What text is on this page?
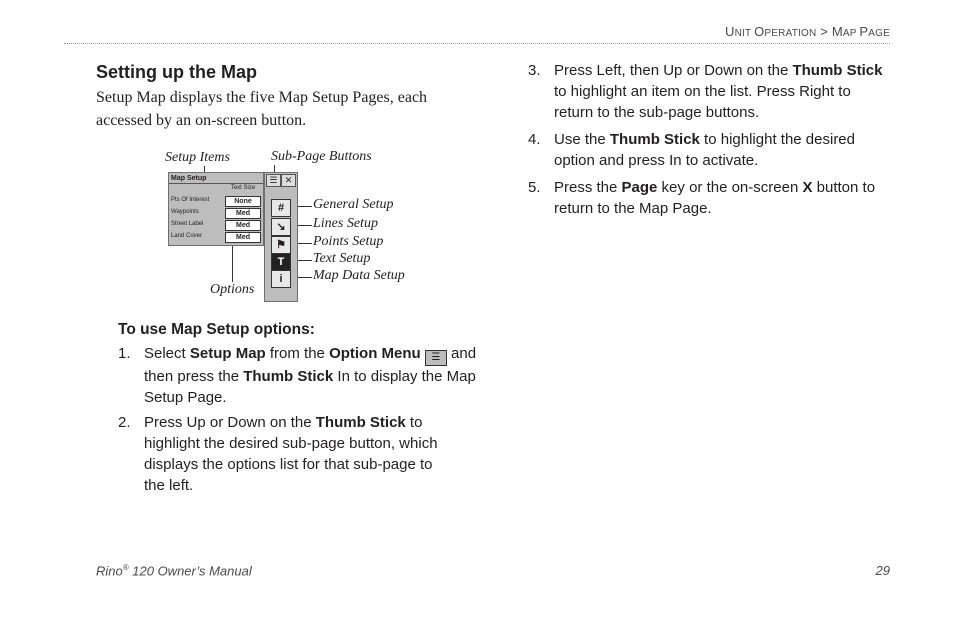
UNIT OPERATION > MAP PAGE
Setting up the Map
Setup Map displays the five Map Setup Pages, each accessed by an on-screen button.
Setup Items	Sub-Page Buttons
General Setup
Lines Setup
Points Setup
Text Setup
Map Data Setup
Options
Map Setup
Text Size
Pts Of Interest	None
Waypoints	Med
Street Label	Med
Land Cover	Med
☰ ✕
#
↘
⚑
T
i
To use Map Setup options:
1. Select Setup Map from the Option Menu ☰ and
then press the Thumb Stick In to display the Map
Setup Page.
2. Press Up or Down on the Thumb Stick to
highlight the desired sub-page button, which
displays the options list for that sub-page to
the left.
3. Press Left, then Up or Down on the Thumb Stick
to highlight an item on the list. Press Right to
return to the sub-page buttons.
4. Use the Thumb Stick to highlight the desired
option and press In to activate.
5. Press the Page key or the on-screen X button to
return to the Map Page.
Rino® 120 Owner’s Manual	29
